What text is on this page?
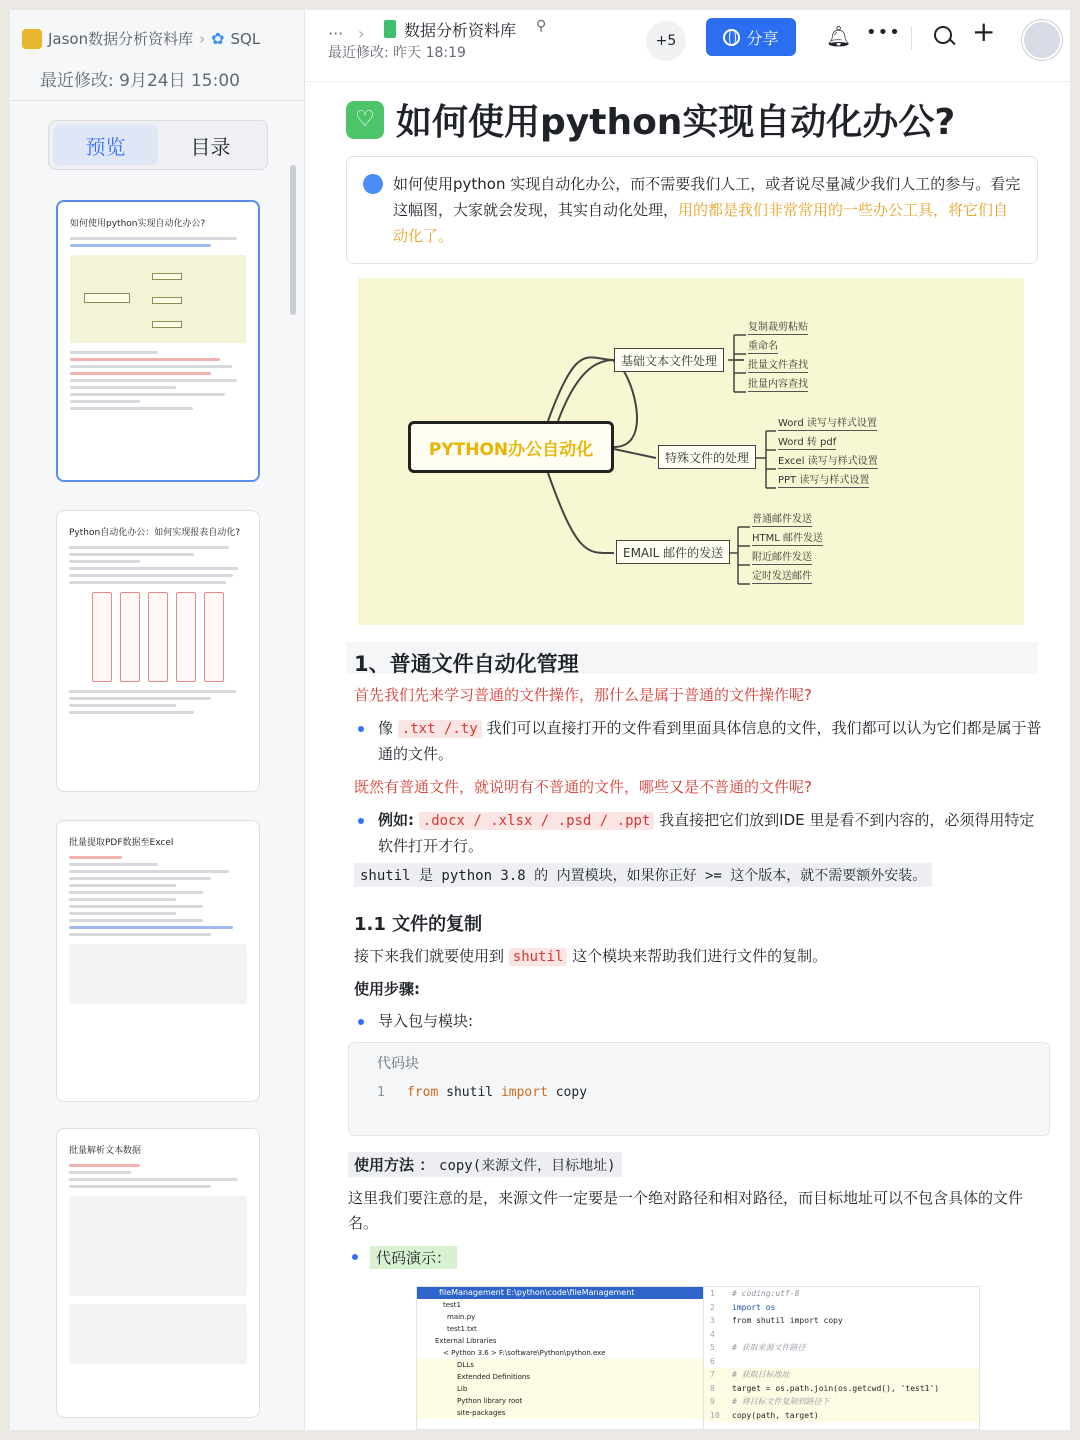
Jason数据分析资料库 › ✿ SQL
最近修改: 9月24日 15:00
预览	目录
如何使用python实现自动化办公?
Python自动化办公：如何实现报表自动化?
批量提取PDF数据至Excel
批量解析文本数据
··· › 数据分析资料库 ⚲
最近修改: 昨天 18:19
+5	分享 🔔︎ •••	+
♡ 如何使用python实现自动化办公?
如何使用python 实现自动化办公，而不需要我们人工，或者说尽量减少我们人工的参与。看完这幅图，大家就会发现，其实自动化处理，用的都是我们非常常用的一些办公工具，将它们自动化了。
PYTHON办公自动化
基础文本文件处理
特殊文件的处理
EMAIL 邮件的发送
复制裁剪粘贴
重命名
批量文件查找
批量内容查找
Word 读写与样式设置
Word 转 pdf
Excel 读写与样式设置
PPT 读写与样式设置
普通邮件发送
HTML 邮件发送
附近邮件发送
定时发送邮件
1、普通文件自动化管理
首先我们先来学习普通的文件操作，那什么是属于普通的文件操作呢?
像 .txt /.ty 我们可以直接打开的文件看到里面具体信息的文件，我们都可以认为它们都是属于普通的文件。
既然有普通文件，就说明有不普通的文件，哪些又是不普通的文件呢?
例如: .docx / .xlsx / .psd / .ppt 我直接把它们放到IDE 里是看不到内容的，必须得用特定软件打开才行。
shutil 是 python 3.8 的 内置模块，如果你正好 >= 这个版本，就不需要额外安装。
1.1 文件的复制
接下来我们就要使用到 shutil 这个模块来帮助我们进行文件的复制。
使用步骤:
导入包与模块:
代码块
1 from shutil import copy
使用方法 ： copy(来源文件，目标地址)
这里我们要注意的是，来源文件一定要是一个绝对路径和相对路径，而目标地址可以不包含具体的文件名。
代码演示：
fileManagement E:\python\code\fileManagement
test1
main.py
test1.txt
External Libraries
< Python 3.6 > F:\software\Python\python.exe
DLLs
Extended Definitions
Lib
Python library root
site-packages
1 # coding:utf-8
2 import os
3 from shutil import copy
4
5 # 获取来源文件路径
6
7 # 获取目标地址
8 target = os.path.join(os.getcwd(), 'test1')
9 # 将目标文件复制到路径下
10 copy(path, target)
